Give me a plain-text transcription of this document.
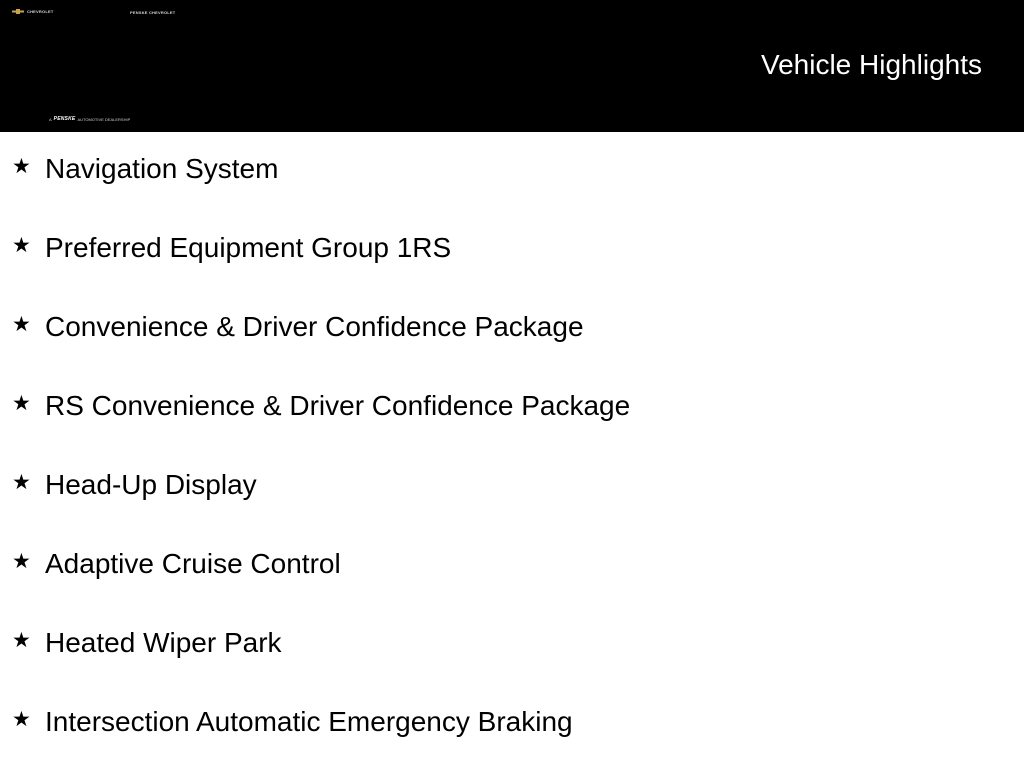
CHEVROLET	PENSKE CHEVROLET
Vehicle Highlights
A PENSKE AUTOMOTIVE DEALERSHIP
★ Navigation System
★ Preferred Equipment Group 1RS
★ Convenience & Driver Confidence Package
★ RS Convenience & Driver Confidence Package
★ Head-Up Display
★ Adaptive Cruise Control
★ Heated Wiper Park
★ Intersection Automatic Emergency Braking
